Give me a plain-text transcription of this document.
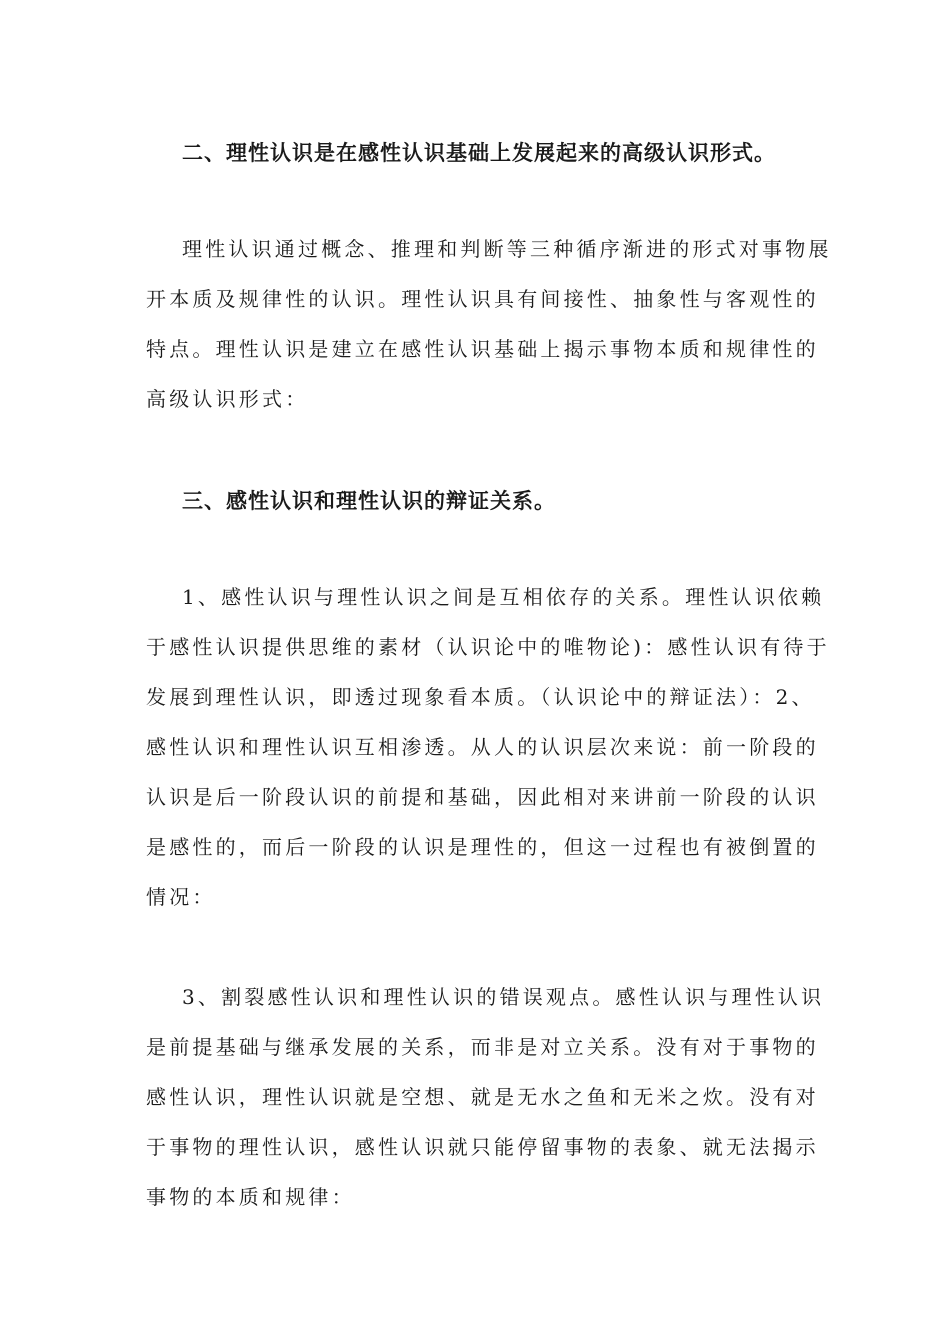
二、理性认识是在感性认识基础上发展起来的高级认识形式。
理性认识通过概念、推理和判断等三种循序渐进的形式对事物展
开本质及规律性的认识。理性认识具有间接性、抽象性与客观性的
特点。理性认识是建立在感性认识基础上揭示事物本质和规律性的
高级认识形式：
三、感性认识和理性认识的辩证关系。
1、感性认识与理性认识之间是互相依存的关系。理性认识依赖
于感性认识提供思维的素材（认识论中的唯物论)：感性认识有待于
发展到理性认识，即透过现象看本质。（认识论中的辩证法）：2、
感性认识和理性认识互相渗透。从人的认识层次来说：前一阶段的
认识是后一阶段认识的前提和基础，因此相对来讲前一阶段的认识
是感性的，而后一阶段的认识是理性的，但这一过程也有被倒置的
情况：
3、割裂感性认识和理性认识的错误观点。感性认识与理性认识
是前提基础与继承发展的关系，而非是对立关系。没有对于事物的
感性认识，理性认识就是空想、就是无水之鱼和无米之炊。没有对
于事物的理性认识，感性认识就只能停留事物的表象、就无法揭示
事物的本质和规律：
